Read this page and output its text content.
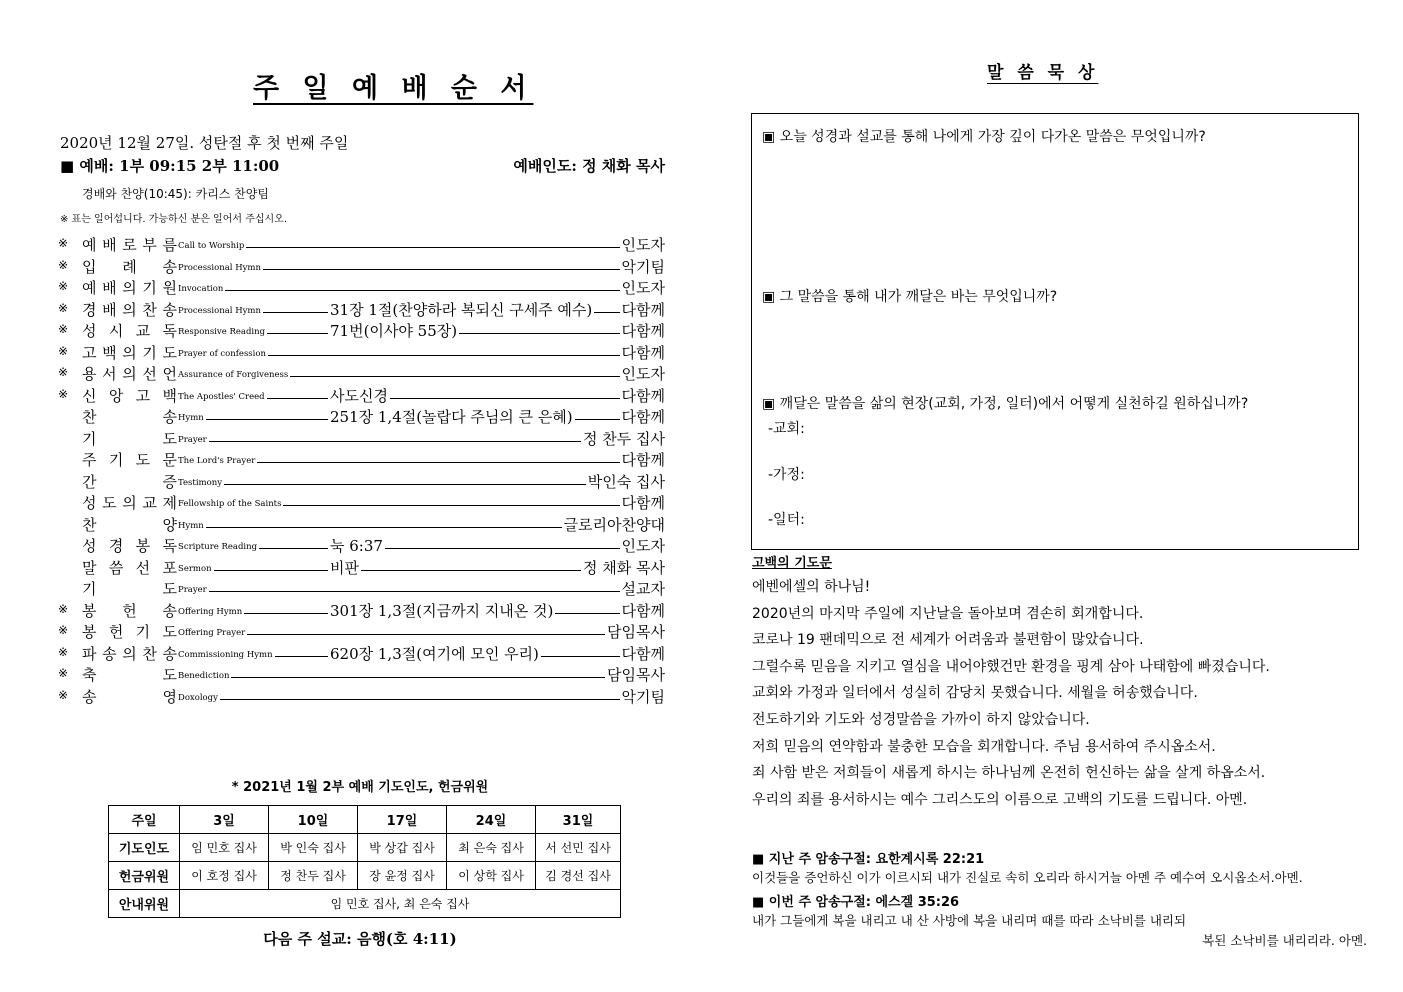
주 일 예 배 순 서
2020년 12월 27일. 성탄절 후 첫 번째 주일
■ 예배: 1부 09:15 2부 11:00	예배인도: 정 채화 목사
경배와 찬양(10:45): 카리스 찬양팀
※ 표는 일어섭니다. 가능하신 분은 일어서 주십시오.
※ 예 배 로 부 름 Call to Worship	인도자
※ 입 례 송 Processional Hymn	악기팀
※ 예 배 의 기 원 Invocation	인도자
※ 경 배 의 찬 송 Processional Hymn	31장 1절(찬양하라 복되신 구세주 예수) 다함께
※ 성 시 교 독 Responsive Reading	71번(이사야 55장)	다함께
※ 고 백 의 기 도 Prayer of confession	다함께
※ 용 서 의 선 언 Assurance of Forgiveness	인도자
※ 신 앙 고 백 The Apostles' Creed	사도신경	다함께
찬	송 Hymn	251장 1,4절(놀랍다 주님의 큰 은혜)	다함께
기	도 Prayer	정 찬두 집사
주 기 도 문 The Lord's Prayer	다함께
간	증 Testimony	박인숙 집사
성 도 의 교 제 Fellowship of the Saints	다함께
찬	양 Hymn	글로리아찬양대
성 경 봉 독 Scripture Reading	눅 6:37	인도자
말 씀 선 포 Sermon	비판	정 채화 목사
기	도 Prayer	설교자
※ 봉 헌 송 Offering Hymn	301장 1,3절(지금까지 지내온 것)	다함께
※ 봉 헌 기 도 Offering Prayer	담임목사
※ 파 송 의 찬 송 Commissioning Hymn	620장 1,3절(여기에 모인 우리)	다함께
※ 축	도 Benediction	담임목사
※ 송	영 Doxology	악기팀
* 2021년 1월 2부 예배 기도인도, 헌금위원
주일	3일	10일	17일	24일	31일
기도인도	임 민호 집사	박 인숙 집사	박 상갑 집사	최 은숙 집사	서 선민 집사
헌금위원	이 호정 집사	정 찬두 집사	장 윤정 집사	이 상학 집사	김 경선 집사
안내위원	임 민호 집사, 최 은숙 집사				
다음 주 설교: 음행(호 4:11)
말 씀 묵 상
▣ 오늘 성경과 설교를 통해 나에게 가장 깊이 다가온 말씀은 무엇입니까?
▣ 그 말씀을 통해 내가 깨달은 바는 무엇입니까?
▣ 깨달은 말씀을 삶의 현장(교회, 가정, 일터)에서 어떻게 실천하길 원하십니까?
-교회:
-가정:
-일터:
고백의 기도문
에벤에셀의 하나님!
2020년의 마지막 주일에 지난날을 돌아보며 겸손히 회개합니다.
코로나 19 팬데믹으로 전 세계가 어려움과 불편함이 많았습니다.
그럴수록 믿음을 지키고 열심을 내어야했건만 환경을 핑계 삼아 나태함에 빠졌습니다.
교회와 가정과 일터에서 성실히 감당치 못했습니다. 세월을 허송했습니다.
전도하기와 기도와 성경말씀을 가까이 하지 않았습니다.
저희 믿음의 연약함과 불충한 모습을 회개합니다. 주님 용서하여 주시옵소서.
죄 사함 받은 저희들이 새롭게 하시는 하나님께 온전히 헌신하는 삶을 살게 하옵소서.
우리의 죄를 용서하시는 예수 그리스도의 이름으로 고백의 기도를 드립니다. 아멘.
■ 지난 주 암송구절: 요한계시록 22:21
이것들을 증언하신 이가 이르시되 내가 진실로 속히 오리라 하시거늘 아멘 주 예수여 오시옵소서.아멘.
■ 이번 주 암송구절: 에스겔 35:26
내가 그들에게 복을 내리고 내 산 사방에 복을 내리며 때를 따라 소낙비를 내리되
복된 소낙비를 내리리라. 아멘.
